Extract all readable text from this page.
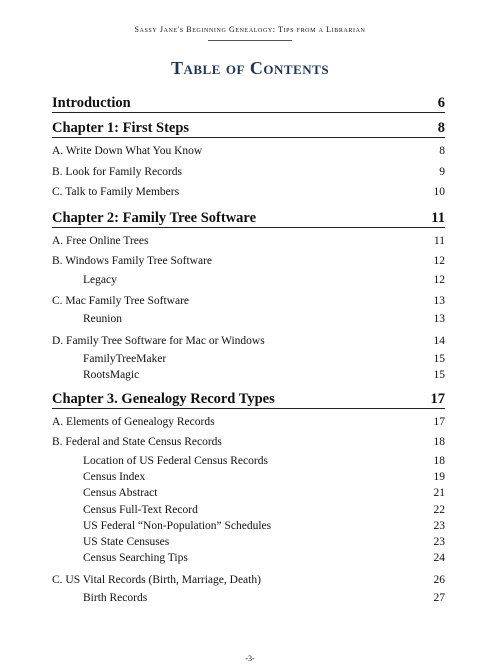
Sassy Jane's Beginning Genealogy: Tips from a Librarian
Table of Contents
Introduction	6
Chapter 1: First Steps	8
A. Write Down What You Know	8
B. Look for Family Records	9
C. Talk to Family Members	10
Chapter 2: Family Tree Software	11
A. Free Online Trees	11
B. Windows Family Tree Software	12
Legacy	12
C. Mac Family Tree Software	13
Reunion	13
D. Family Tree Software for Mac or Windows	14
FamilyTreeMaker	15
RootsMagic	15
Chapter 3. Genealogy Record Types	17
A. Elements of Genealogy Records	17
B. Federal and State Census Records	18
Location of US Federal Census Records	18
Census Index	19
Census Abstract	21
Census Full-Text Record	22
US Federal “Non-Population” Schedules	23
US State Censuses	23
Census Searching Tips	24
C. US Vital Records (Birth, Marriage, Death)	26
Birth Records	27
-3-
